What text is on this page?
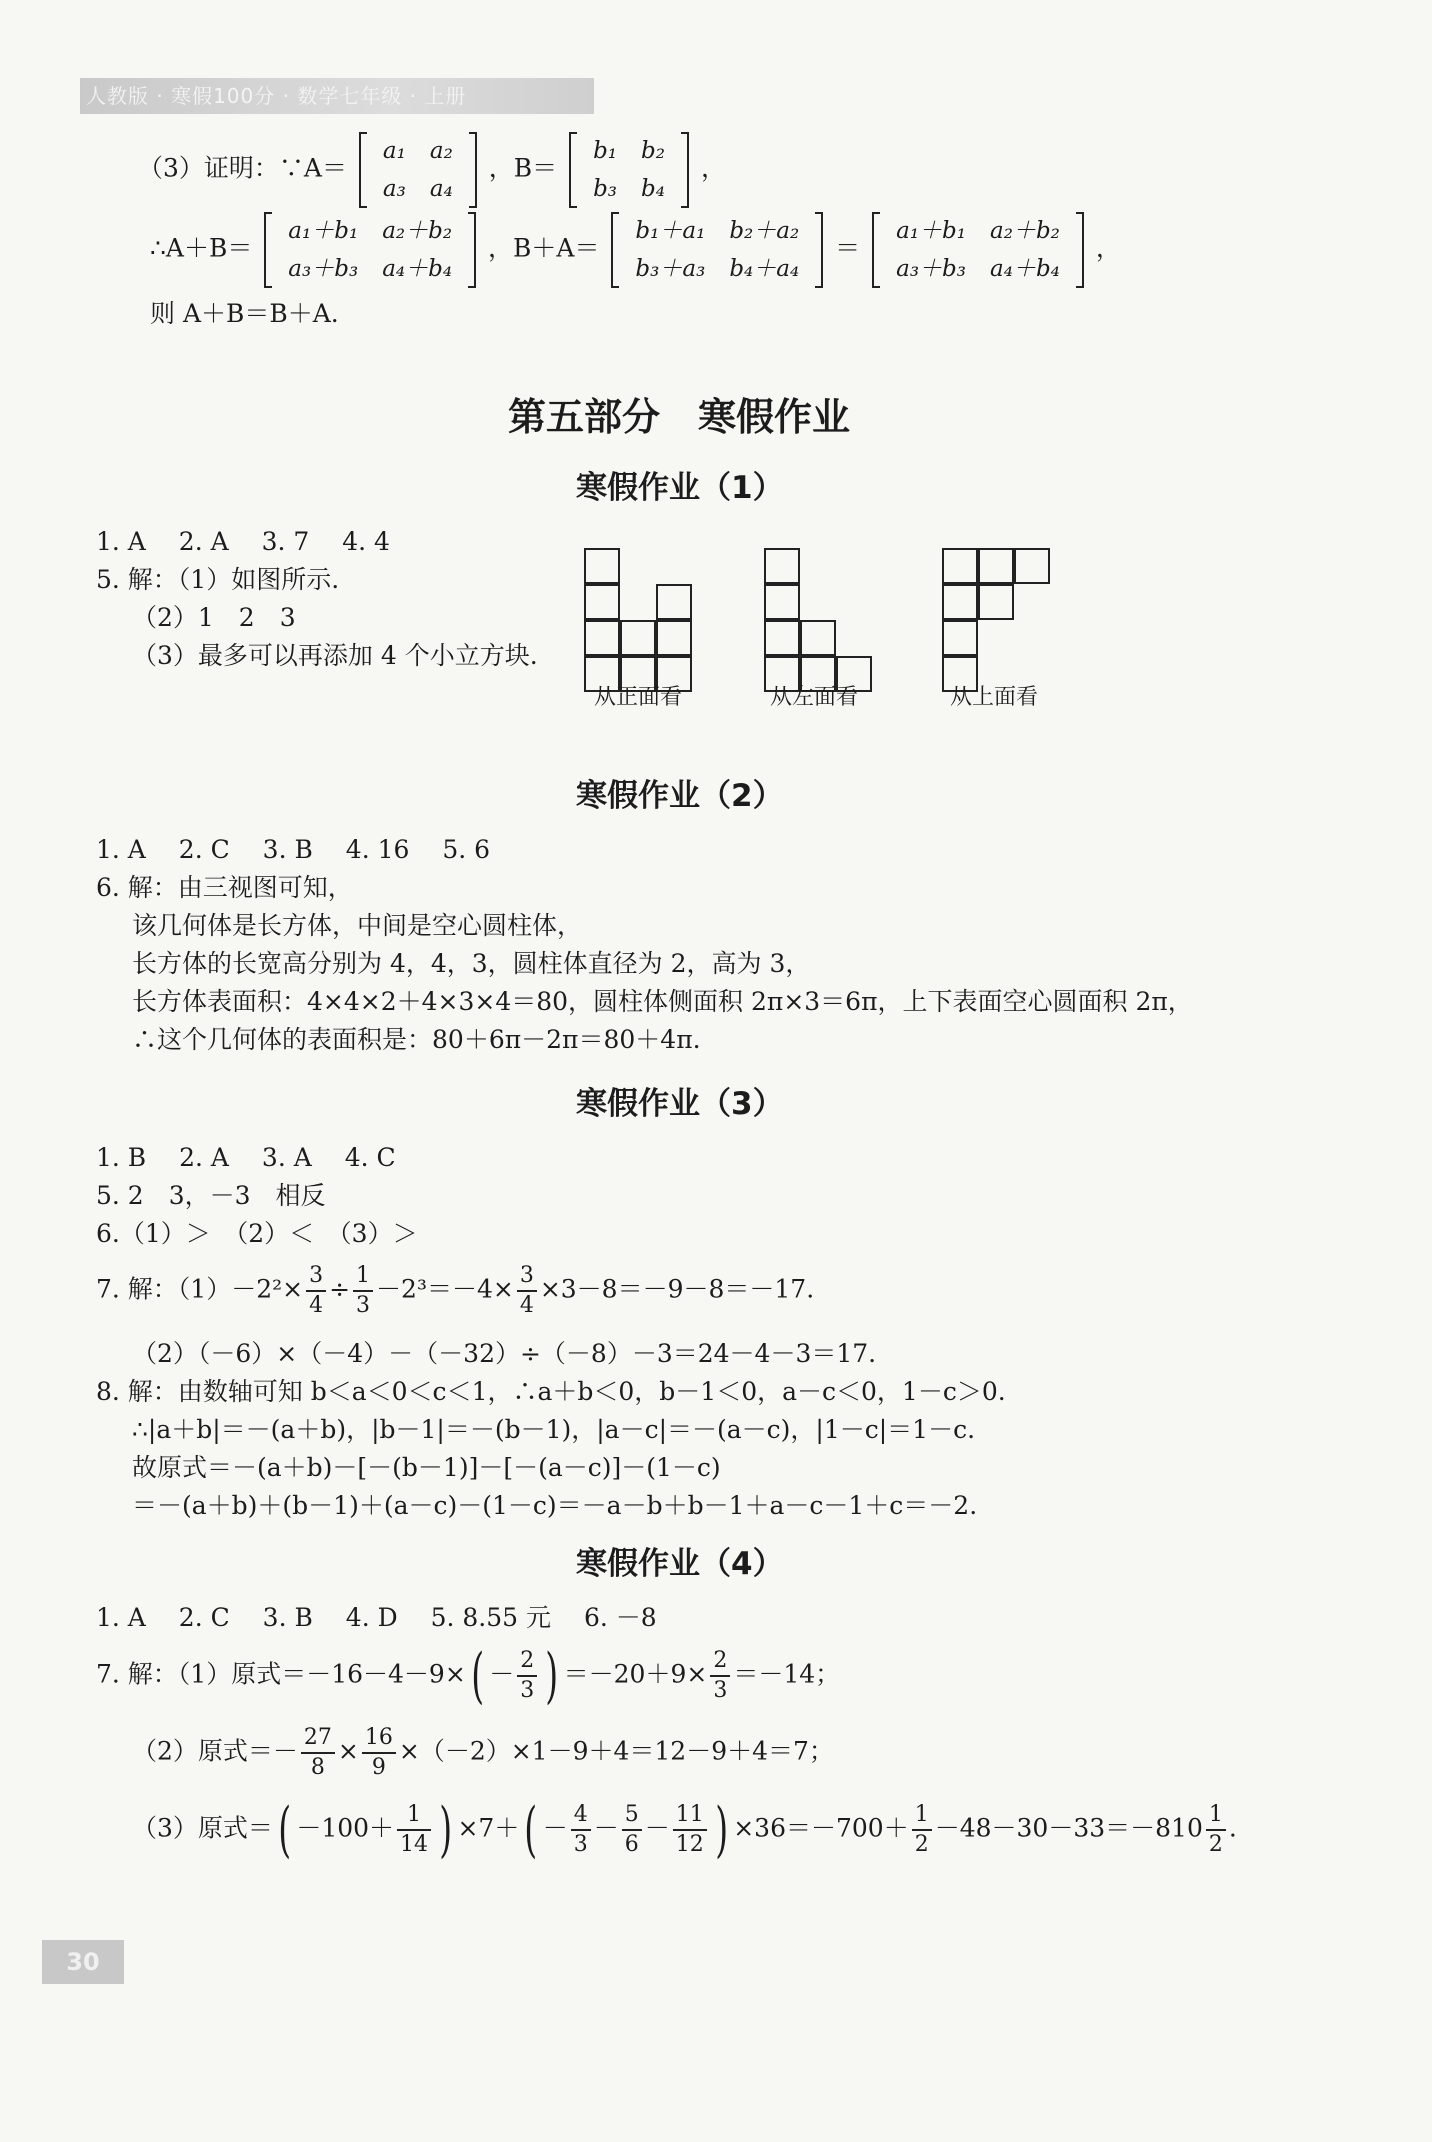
人教版 · 寒假100分 · 数学七年级 · 上册
（3）证明：∵A＝
a₁	a₂
a₃	a₄
，B＝
b₁	b₂
b₃	b₄
，
∴A＋B＝
a₁＋b₁	a₂＋b₂
a₃＋b₃	a₄＋b₄
，B＋A＝
b₁＋a₁	b₂＋a₂
b₃＋a₃	b₄＋a₄
＝
a₁＋b₁	a₂＋b₂
a₃＋b₃	a₄＋b₄
，
则 A＋B＝B＋A.
第五部分　寒假作业
寒假作业（1）
1. A　 2. A　 3. 7　 4. 4
5. 解：（1）如图所示.
（2）1　2　3
（3）最多可以再添加 4 个小立方块.
从正面看	从左面看	从上面看
寒假作业（2）
1. A　 2. C　 3. B　 4. 16　 5. 6
6. 解：由三视图可知，
该几何体是长方体，中间是空心圆柱体，
长方体的长宽高分别为 4，4，3，圆柱体直径为 2，高为 3，
长方体表面积：4×4×2＋4×3×4＝80，圆柱体侧面积 2π×3＝6π，上下表面空心圆面积 2π，
∴这个几何体的表面积是：80＋6π－2π＝80＋4π.
寒假作业（3）
1. B　 2. A　 3. A　 4. C
5. 2　3，－3　相反
6.（1）＞　（2）＜　（3）＞
7. 解：$(1)-2^2\times \frac{3}{4} \div \frac{1}{3} -2^3=-4\times \frac{3}{4} \times 3-8=-9-8=-17$.
（2）（－6）×（－4）－（－32）÷（－8）－3＝24－4－3＝17.
8. 解：由数轴可知 b＜a＜0＜c＜1，∴a＋b＜0，b－1＜0，a－c＜0，1－c＞0.
∴|a＋b|＝－(a＋b)，|b－1|＝－(b－1)，|a－c|＝－(a－c)，|1－c|＝1－c.
故原式＝－(a＋b)－[－(b－1)]－[－(a－c)]－(1－c)
＝－(a＋b)＋(b－1)＋(a－c)－(1－c)＝－a－b＋b－1＋a－c－1＋c＝－2.
寒假作业（4）
1. A　 2. C　 3. B　 4. D　 5. 8.55 元　 6. －8
7. 解：（1）原式$=-16-4-9\times( - \frac{2}{3}$ ) $=-20+9\times \frac{2}{3} =-14$；
（2）原式＝－ $\frac{27}{8} \times \frac{16}{9} \times(-2)\times 1-9+4=12-9+4=7$；
（3）原式＝( $-100+ \frac{1}{14}$ ) $\times 7+( - \frac{4}{3} - \frac{5}{6} - \frac{11}{12}$ ) $\times 36=-700+ \frac{1}{2} -48-30-33=-810 \frac{1}{2}$ .
30
